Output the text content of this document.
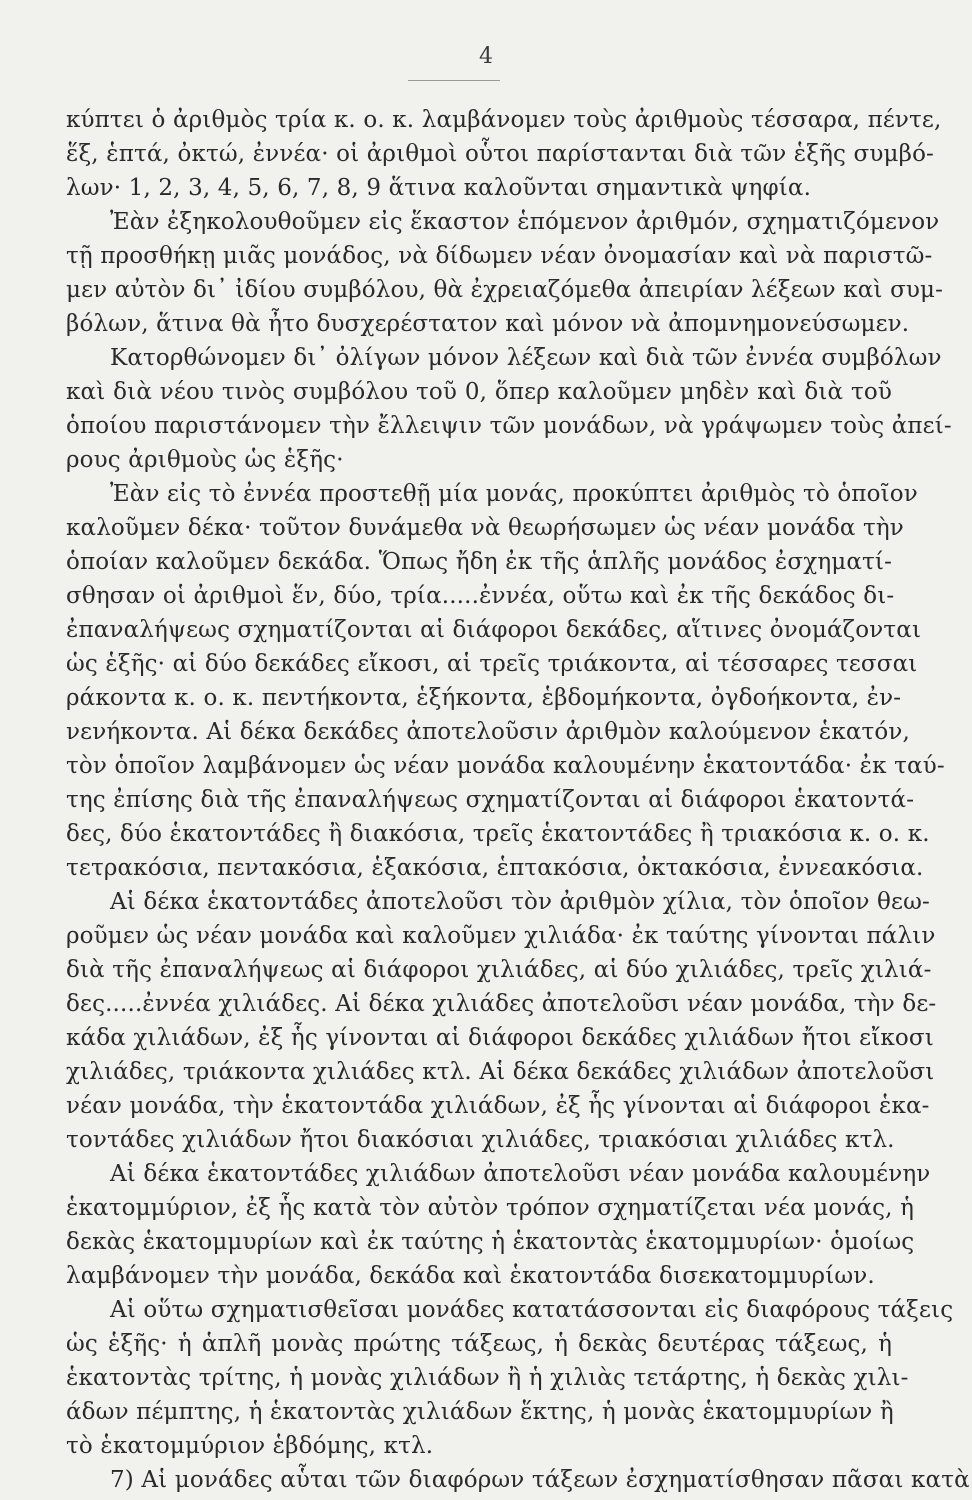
4
κύπτει ὁ ἀριθμὸς τρία κ. ο. κ. λαμβάνομεν τοὺς ἀριθμοὺς τέσσαρα, πέντε,
ἕξ, ἑπτά, ὀκτώ, ἐννέα· οἱ ἀριθμοὶ οὗτοι παρίστανται διὰ τῶν ἑξῆς συμβό-
λων· 1, 2, 3, 4, 5, 6, 7, 8, 9 ἅτινα καλοῦνται σημαντικὰ ψηφία.
Ἐὰν ἐξηκολουθοῦμεν εἰς ἕκαστον ἑπόμενον ἀριθμόν, σχηματιζόμενον
τῇ προσθήκῃ μιᾶς μονάδος, νὰ δίδωμεν νέαν ὀνομασίαν καὶ νὰ παριστῶ-
μεν αὐτὸν δι᾽ ἰδίου συμβόλου, θὰ ἐχρειαζόμεθα ἀπειρίαν λέξεων καὶ συμ-
βόλων, ἅτινα θὰ ἦτο δυσχερέστατον καὶ μόνον νὰ ἀπομνημονεύσωμεν.
Κατορθώνομεν δι᾽ ὀλίγων μόνον λέξεων καὶ διὰ τῶν ἐννέα συμβόλων
καὶ διὰ νέου τινὸς συμβόλου τοῦ 0, ὅπερ καλοῦμεν μηδὲν καὶ διὰ τοῦ
ὁποίου παριστάνομεν τὴν ἔλλειψιν τῶν μονάδων, νὰ γράψωμεν τοὺς ἀπεί-
ρους ἀριθμοὺς ὡς ἑξῆς·
Ἐὰν εἰς τὸ ἐννέα προστεθῇ μία μονάς, προκύπτει ἀριθμὸς τὸ ὁποῖον
καλοῦμεν δέκα· τοῦτον δυνάμεθα νὰ θεωρήσωμεν ὡς νέαν μονάδα τὴν
ὁποίαν καλοῦμεν δεκάδα. Ὅπως ἤδη ἐκ τῆς ἁπλῆς μονάδος ἐσχηματί-
σθησαν οἱ ἀριθμοὶ ἕν, δύο, τρία.....ἐννέα, οὕτω καὶ ἐκ τῆς δεκάδος δι-
ἐπαναλήψεως σχηματίζονται αἱ διάφοροι δεκάδες, αἵτινες ὀνομάζονται
ὡς ἑξῆς· αἱ δύο δεκάδες εἴκοσι, αἱ τρεῖς τριάκοντα, αἱ τέσσαρες τεσσαι
ράκοντα κ. ο. κ. πεντήκοντα, ἑξήκοντα, ἑβδομήκοντα, ὀγδοήκοντα, ἐν-
νενήκοντα. Αἱ δέκα δεκάδες ἀποτελοῦσιν ἀριθμὸν καλούμενον ἑκατόν,
τὸν ὁποῖον λαμβάνομεν ὡς νέαν μονάδα καλουμένην ἑκατοντάδα· ἐκ ταύ-
της ἐπίσης διὰ τῆς ἐπαναλήψεως σχηματίζονται αἱ διάφοροι ἑκατοντά-
δες, δύο ἑκατοντάδες ἢ διακόσια, τρεῖς ἑκατοντάδες ἢ τριακόσια κ. ο. κ.
τετρακόσια, πεντακόσια, ἑξακόσια, ἑπτακόσια, ὀκτακόσια, ἐννεακόσια.
Αἱ δέκα ἑκατοντάδες ἀποτελοῦσι τὸν ἀριθμὸν χίλια, τὸν ὁποῖον θεω-
ροῦμεν ὡς νέαν μονάδα καὶ καλοῦμεν χιλιάδα· ἐκ ταύτης γίνονται πάλιν
διὰ τῆς ἐπαναλήψεως αἱ διάφοροι χιλιάδες, αἱ δύο χιλιάδες, τρεῖς χιλιά-
δες.....ἐννέα χιλιάδες. Αἱ δέκα χιλιάδες ἀποτελοῦσι νέαν μονάδα, τὴν δε-
κάδα χιλιάδων, ἐξ ἧς γίνονται αἱ διάφοροι δεκάδες χιλιάδων ἤτοι εἴκοσι
χιλιάδες, τριάκοντα χιλιάδες κτλ. Αἱ δέκα δεκάδες χιλιάδων ἀποτελοῦσι
νέαν μονάδα, τὴν ἑκατοντάδα χιλιάδων, ἐξ ἧς γίνονται αἱ διάφοροι ἑκα-
τοντάδες χιλιάδων ἤτοι διακόσιαι χιλιάδες, τριακόσιαι χιλιάδες κτλ.
Αἱ δέκα ἑκατοντάδες χιλιάδων ἀποτελοῦσι νέαν μονάδα καλουμένην
ἑκατομμύριον, ἐξ ἧς κατὰ τὸν αὐτὸν τρόπον σχηματίζεται νέα μονάς, ἡ
δεκὰς ἑκατομμυρίων καὶ ἐκ ταύτης ἡ ἑκατοντὰς ἑκατομμυρίων· ὁμοίως
λαμβάνομεν τὴν μονάδα, δεκάδα καὶ ἑκατοντάδα δισεκατομμυρίων.
Αἱ οὕτω σχηματισθεῖσαι μονάδες κατατάσσονται εἰς διαφόρους τάξεις
ὡς ἑξῆς· ἡ ἁπλῆ μονὰς πρώτης τάξεως, ἡ δεκὰς δευτέρας τάξεως, ἡ
ἑκατοντὰς τρίτης, ἡ μονὰς χιλιάδων ἢ ἡ χιλιὰς τετάρτης, ἡ δεκὰς χιλι-
άδων πέμπτης, ἡ ἑκατοντὰς χιλιάδων ἕκτης, ἡ μονὰς ἑκατομμυρίων ἢ
τὸ ἑκατομμύριον ἑβδόμης, κτλ.
7) Αἱ μονάδες αὗται τῶν διαφόρων τάξεων ἐσχηματίσθησαν πᾶσαι κατὰ
